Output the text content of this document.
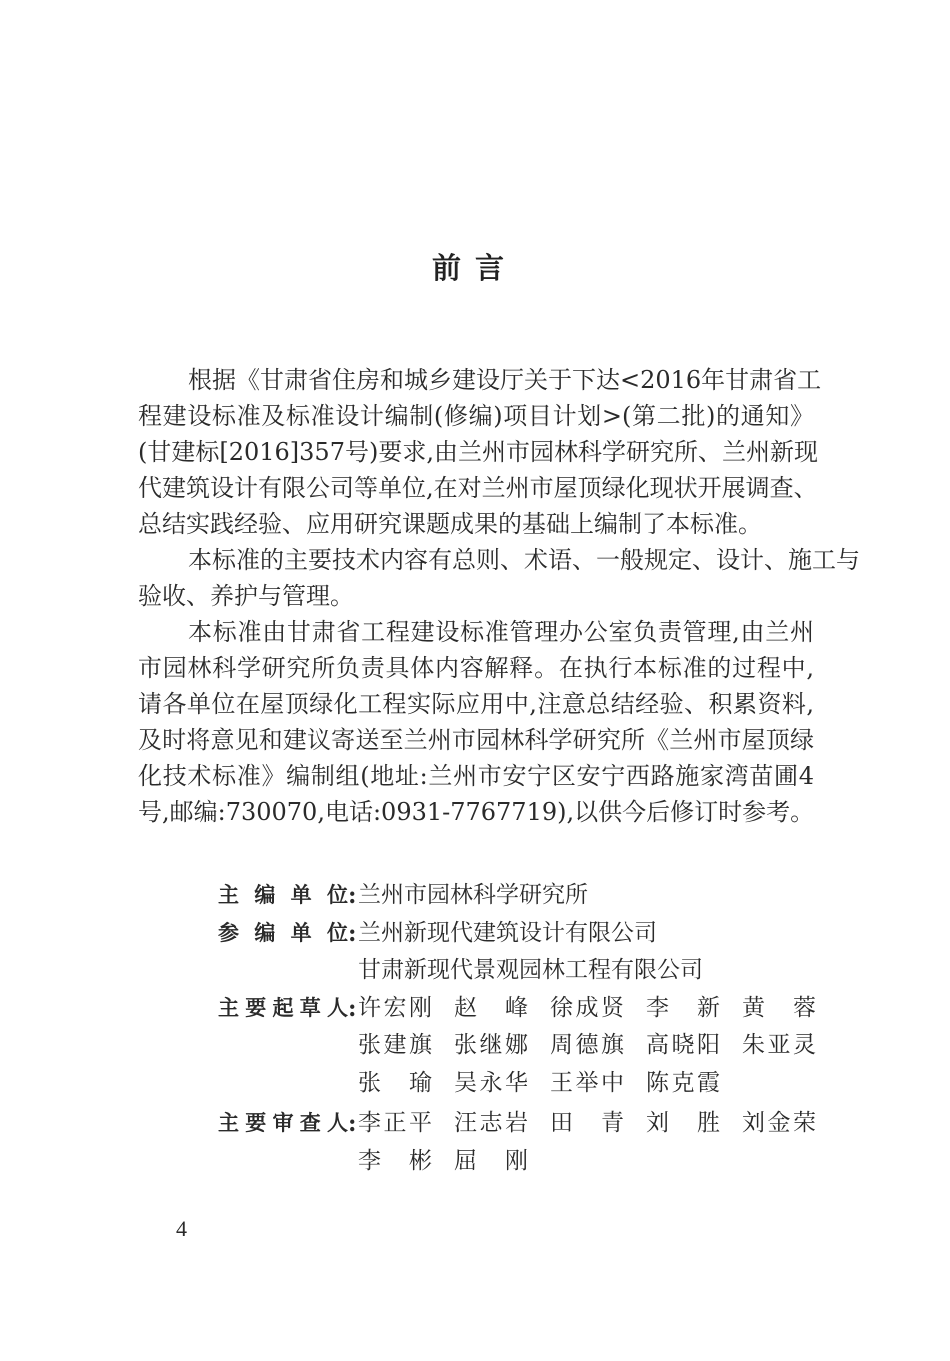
前言
根据《甘肃省住房和城乡建设厅关于下达<2016年甘肃省工
程建设标准及标准设计编制(修编)项目计划>(第二批)的通知》
(甘建标[2016]357号)要求,由兰州市园林科学研究所、兰州新现
代建筑设计有限公司等单位,在对兰州市屋顶绿化现状开展调查、
总结实践经验、应用研究课题成果的基础上编制了本标准。
本标准的主要技术内容有总则、术语、一般规定、设计、施工与
验收、养护与管理。
本标准由甘肃省工程建设标准管理办公室负责管理,由兰州
市园林科学研究所负责具体内容解释。在执行本标准的过程中,
请各单位在屋顶绿化工程实际应用中,注意总结经验、积累资料,
及时将意见和建议寄送至兰州市园林科学研究所《兰州市屋顶绿
化技术标准》编制组(地址:兰州市安宁区安宁西路施家湾苗圃4
号,邮编:730070,电话:0931-7767719),以供今后修订时参考。
主编单位 : 兰州市园林科学研究所
参编单位 : 兰州新现代建筑设计有限公司
甘肃新现代景观园林工程有限公司
主要起草人 : 许宏刚 赵峰 徐成贤 李新 黄蓉
张建旗 张继娜 周德旗 高晓阳 朱亚灵
张瑜 吴永华 王举中 陈克霞
主要审查人 : 李正平 汪志岩 田青 刘胜 刘金荣
李彬 屈刚
4
